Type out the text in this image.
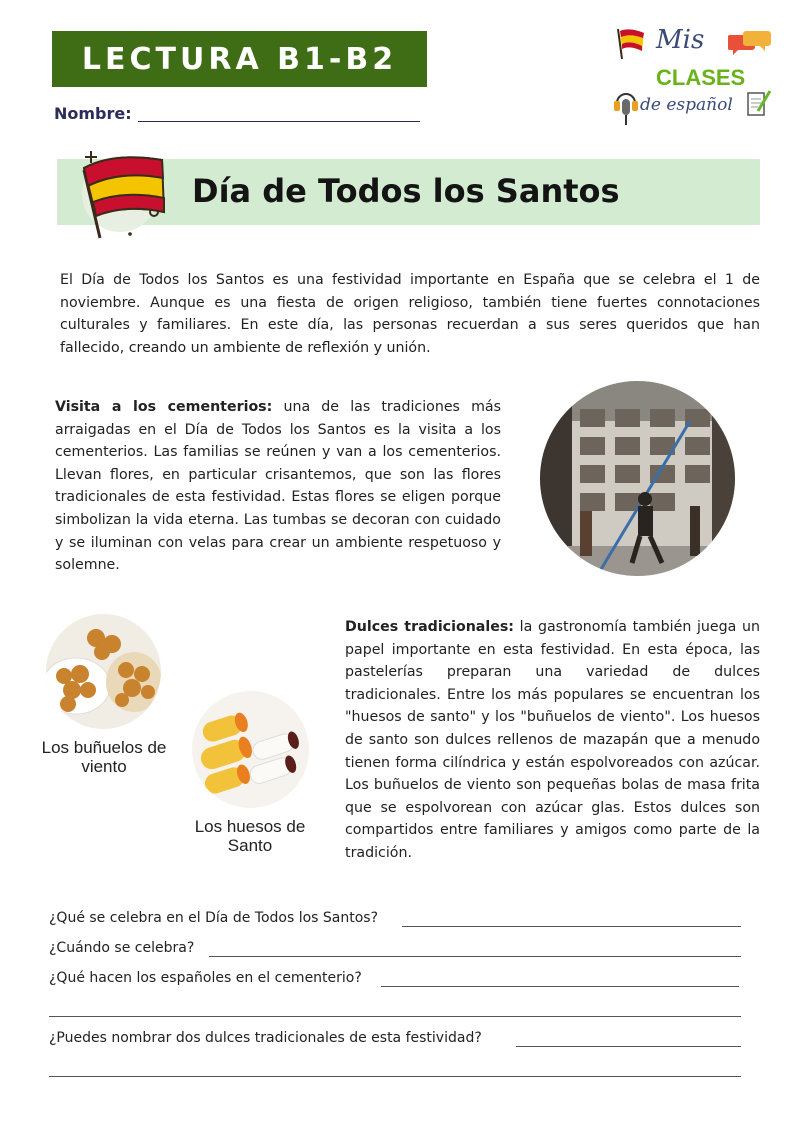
LECTURA B1-B2
Nombre:
Mis
CLASES
de español
Día de Todos los Santos
El Día de Todos los Santos es una festividad importante en España que se celebra el 1 de noviembre. Aunque es una fiesta de origen religioso, también tiene fuertes connotaciones culturales y familiares. En este día, las personas recuerdan a sus seres queridos que han fallecido, creando un ambiente de reflexión y unión.
Visita a los cementerios: una de las tradiciones más arraigadas en el Día de Todos los Santos es la visita a los cementerios. Las familias se reúnen y van a los cementerios. Llevan flores, en particular crisantemos, que son las flores tradicionales de esta festividad. Estas flores se eligen porque simbolizan la vida eterna. Las tumbas se decoran con cuidado y se iluminan con velas para crear un ambiente respetuoso y solemne.
Los buñuelos de viento
Los huesos de Santo
Dulces tradicionales: la gastronomía también juega un papel importante en esta festividad. En esta época, las pastelerías preparan una variedad de dulces tradicionales. Entre los más populares se encuentran los "huesos de santo" y los "buñuelos de viento". Los huesos de santo son dulces rellenos de mazapán que a menudo tienen forma cilíndrica y están espolvoreados con azúcar. Los buñuelos de viento son pequeñas bolas de masa frita que se espolvorean con azúcar glas. Estos dulces son compartidos entre familiares y amigos como parte de la tradición.
¿Qué se celebra en el Día de Todos los Santos?
¿Cuándo se celebra?
¿Qué hacen los españoles en el cementerio?
¿Puedes nombrar dos dulces tradicionales de esta festividad?
